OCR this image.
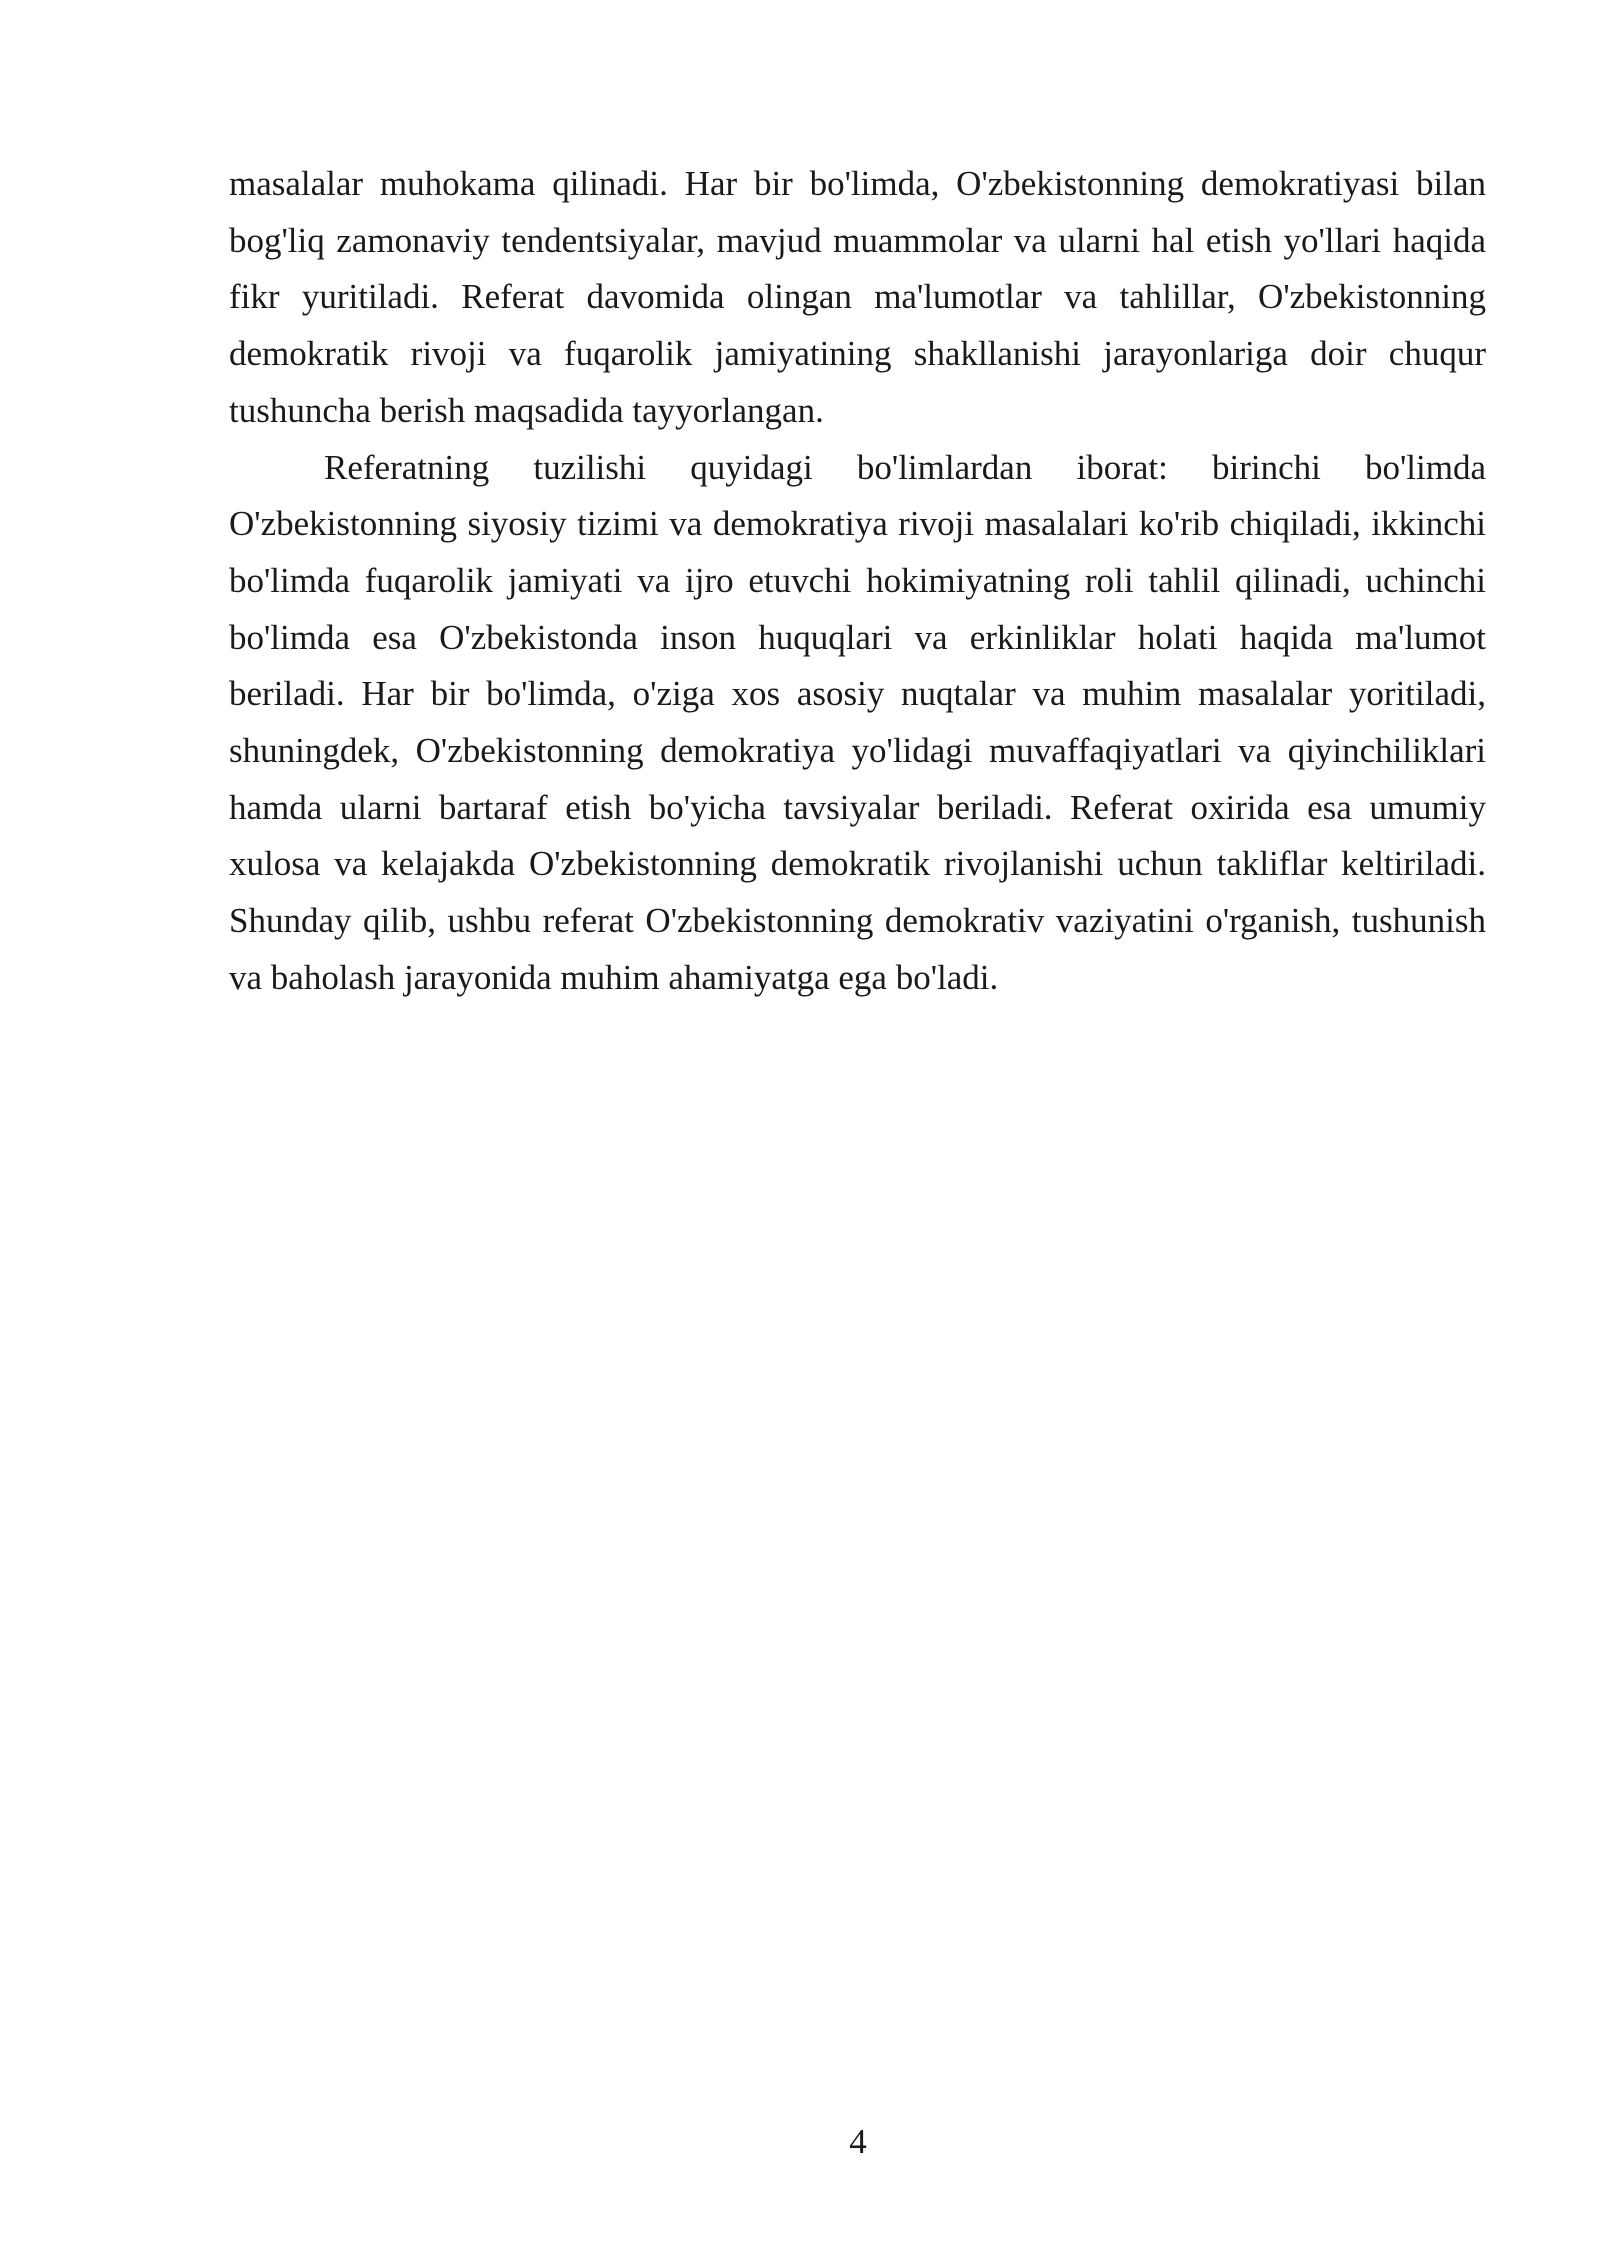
masalalar muhokama qilinadi. Har bir bo'limda, O'zbekistonning demokratiyasi bilan bog'liq zamonaviy tendentsiyalar, mavjud muammolar va ularni hal etish yo'llari haqida fikr yuritiladi. Referat davomida olingan ma'lumotlar va tahlillar, O'zbekistonning demokratik rivoji va fuqarolik jamiyatining shakllanishi jarayonlariga doir chuqur tushuncha berish maqsadida tayyorlangan.

Referatning tuzilishi quyidagi bo'limlardan iborat: birinchi bo'limda O'zbekistonning siyosiy tizimi va demokratiya rivoji masalalari ko'rib chiqiladi, ikkinchi bo'limda fuqarolik jamiyati va ijro etuvchi hokimiyatning roli tahlil qilinadi, uchinchi bo'limda esa O'zbekistonda inson huquqlari va erkinliklar holati haqida ma'lumot beriladi. Har bir bo'limda, o'ziga xos asosiy nuqtalar va muhim masalalar yoritiladi, shuningdek, O'zbekistonning demokratiya yo'lidagi muvaffaqiyatlari va qiyinchiliklari hamda ularni bartaraf etish bo'yicha tavsiyalar beriladi. Referat oxirida esa umumiy xulosa va kelajakda O'zbekistonning demokratik rivojlanishi uchun takliflar keltiriladi. Shunday qilib, ushbu referat O'zbekistonning demokrativ vaziyatini o'rganish, tushunish va baholash jarayonida muhim ahamiyatga ega bo'ladi.

4
